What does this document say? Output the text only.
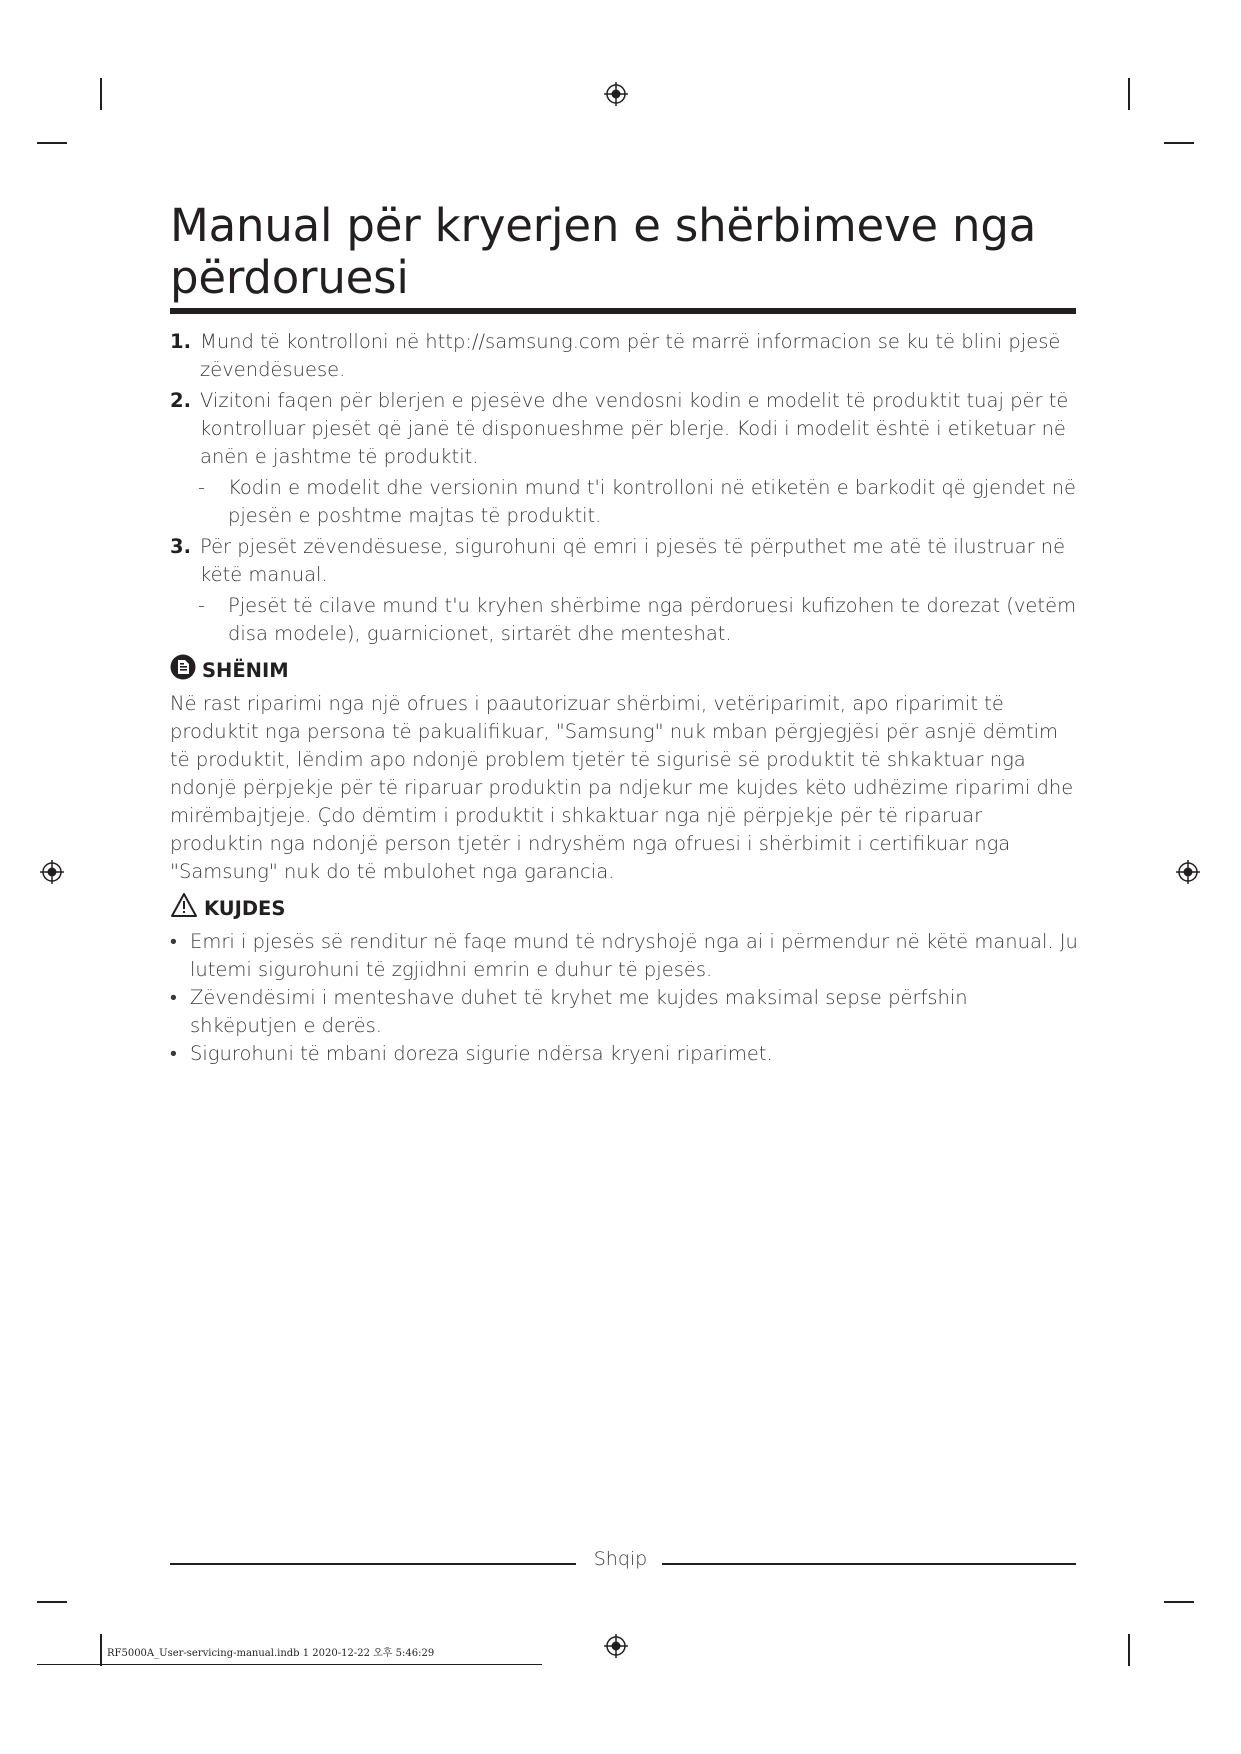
Manual për kryerjen e shërbimeve nga përdoruesi
1. Mund të kontrolloni në http://samsung.com për të marrë informacion se ku të blini pjesë zëvendësuese.
2. Vizitoni faqen për blerjen e pjesëve dhe vendosni kodin e modelit të produktit tuaj për të kontrolluar pjesët që janë të disponueshme për blerje. Kodi i modelit është i etiketuar në anën e jashtme të produktit.
- Kodin e modelit dhe versionin mund t'i kontrolloni në etiketën e barkodit që gjendet në pjesën e poshtme majtas të produktit.
3. Për pjesët zëvendësuese, sigurohuni që emri i pjesës të përputhet me atë të ilustruar në këtë manual.
- Pjesët të cilave mund t'u kryhen shërbime nga përdoruesi kufizohen te dorezat (vetëm disa modele), guarnicionet, sirtarët dhe menteshat.
SHËNIM

Në rast riparimi nga një ofrues i paautorizuar shërbimi, vetëriparimit, apo riparimit të produktit nga persona të pakualifikuar, "Samsung" nuk mban përgjegjësi për asnjë dëmtim të produktit, lëndim apo ndonjë problem tjetër të sigurisë së produktit të shkaktuar nga ndonjë përpjekje për të riparuar produktin pa ndjekur me kujdes këto udhëzime riparimi dhe mirëmbajtjeje. Çdo dëmtim i produktit i shkaktuar nga një përpjekje për të riparuar produktin nga ndonjë person tjetër i ndryshëm nga ofruesi i shërbimit i certifikuar nga "Samsung" nuk do të mbulohet nga garancia.

KUJDES
• Emri i pjesës së renditur në faqe mund të ndryshojë nga ai i përmendur në këtë manual. Ju lutemi sigurohuni të zgjidhni emrin e duhur të pjesës.
• Zëvendësimi i menteshave duhet të kryhet me kujdes maksimal sepse përfshin shkëputjen e derës.
• Sigurohuni të mbani doreza sigurie ndërsa kryeni riparimet.
Shqip
RF5000A_User-servicing-manual.indb 1 2020-12-22 오후 5:46:29
